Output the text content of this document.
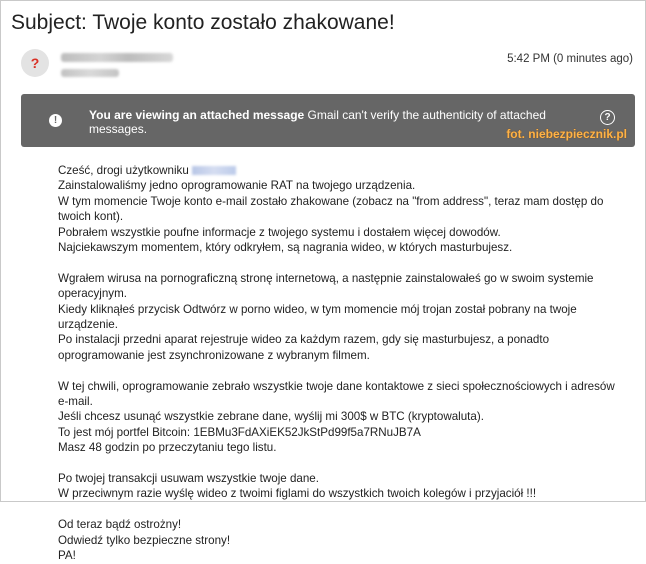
Subject: Twoje konto zostało zhakowane!
?	5:42 PM (0 minutes ago)
!	You are viewing an attached message Gmail can't verify the authenticity of attached messages.
?
fot. niebezpiecznik.pl

Cześć, drogi użytkowniku

Zainstalowaliśmy jedno oprogramowanie RAT na twojego urządzenia.

W tym momencie Twoje konto e-mail zostało zhakowane (zobacz na "from address", teraz mam dostęp do twoich kont).

Pobrałem wszystkie poufne informacje z twojego systemu i dostałem więcej dowodów.

Najciekawszym momentem, który odkryłem, są nagrania wideo, w których masturbujesz.

Wgrałem wirusa na pornograficzną stronę internetową, a następnie zainstalowałeś go w swoim systemie operacyjnym.

Kiedy kliknąłeś przycisk Odtwórz w porno wideo, w tym momencie mój trojan został pobrany na twoje urządzenie.

Po instalacji przedni aparat rejestruje wideo za każdym razem, gdy się masturbujesz, a ponadto oprogramowanie jest zsynchronizowane z wybranym filmem.

W tej chwili, oprogramowanie zebrało wszystkie twoje dane kontaktowe z sieci społecznościowych i adresów e-mail.

Jeśli chcesz usunąć wszystkie zebrane dane, wyślij mi 300$ w BTC (kryptowaluta).

To jest mój portfel Bitcoin: 1EBMu3FdAXiEK52JkStPd99f5a7RNuJB7A

Masz 48 godzin po przeczytaniu tego listu.

Po twojej transakcji usuwam wszystkie twoje dane.

W przeciwnym razie wyślę wideo z twoimi figlami do wszystkich twoich kolegów i przyjaciół !!!

Od teraz bądź ostrożny!

Odwiedź tylko bezpieczne strony!

PA!
